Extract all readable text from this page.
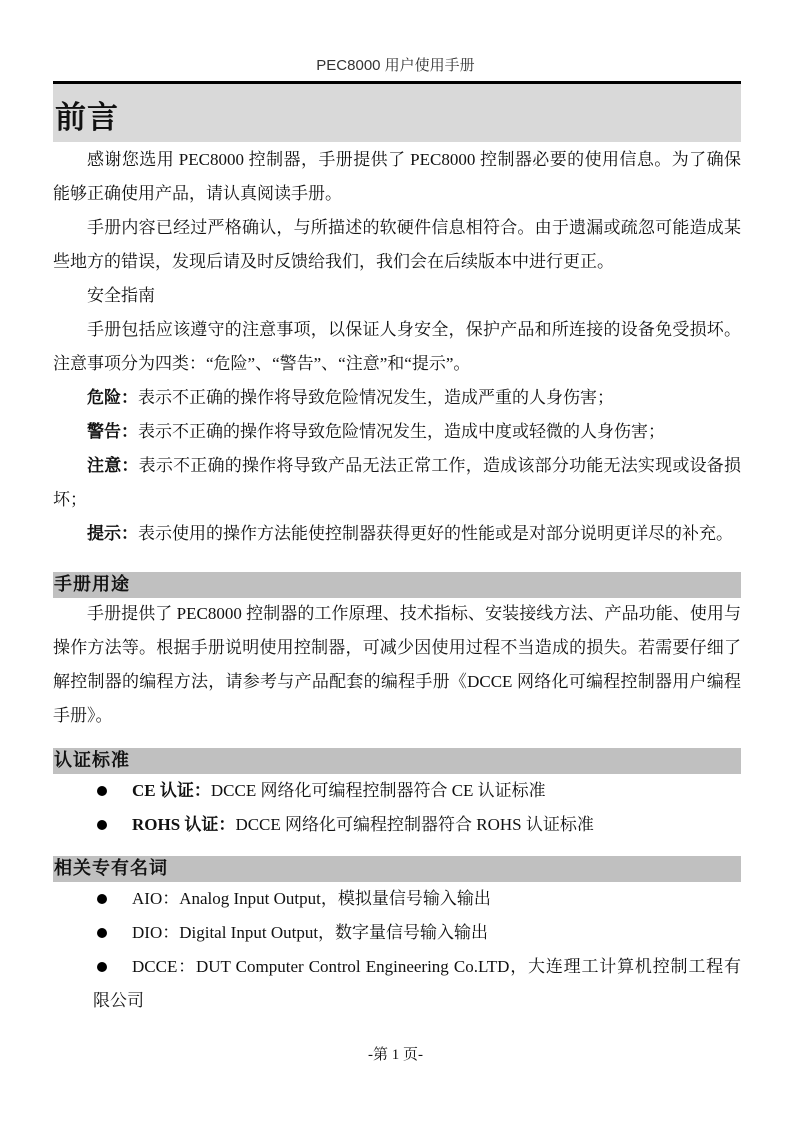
PEC8000 用户使用手册
前言

感谢您选用 PEC8000 控制器，手册提供了 PEC8000 控制器必要的使用信息。为了确保能够正确使用产品，请认真阅读手册。

手册内容已经过严格确认，与所描述的软硬件信息相符合。由于遗漏或疏忽可能造成某些地方的错误，发现后请及时反馈给我们，我们会在后续版本中进行更正。

安全指南

手册包括应该遵守的注意事项，以保证人身安全，保护产品和所连接的设备免受损坏。注意事项分为四类：“危险”、“警告”、“注意”和“提示”。

危险：表示不正确的操作将导致危险情况发生，造成严重的人身伤害；

警告：表示不正确的操作将导致危险情况发生，造成中度或轻微的人身伤害；

注意：表示不正确的操作将导致产品无法正常工作，造成该部分功能无法实现或设备损坏；

提示：表示使用的操作方法能使控制器获得更好的性能或是对部分说明更详尽的补充。

手册用途

手册提供了 PEC8000 控制器的工作原理、技术指标、安装接线方法、产品功能、使用与操作方法等。根据手册说明使用控制器，可减少因使用过程不当造成的损失。若需要仔细了解控制器的编程方法，请参考与产品配套的编程手册《DCCE 网络化可编程控制器用户编程手册》。

认证标准
CE 认证：DCCE 网络化可编程控制器符合 CE 认证标准
ROHS 认证：DCCE 网络化可编程控制器符合 ROHS 认证标准
相关专有名词
AIO：Analog Input Output，模拟量信号输入输出
DIO：Digital Input Output，数字量信号输入输出
DCCE：DUT Computer Control Engineering Co.LTD，大连理工计算机控制工程有限公司
-第 1 页-
